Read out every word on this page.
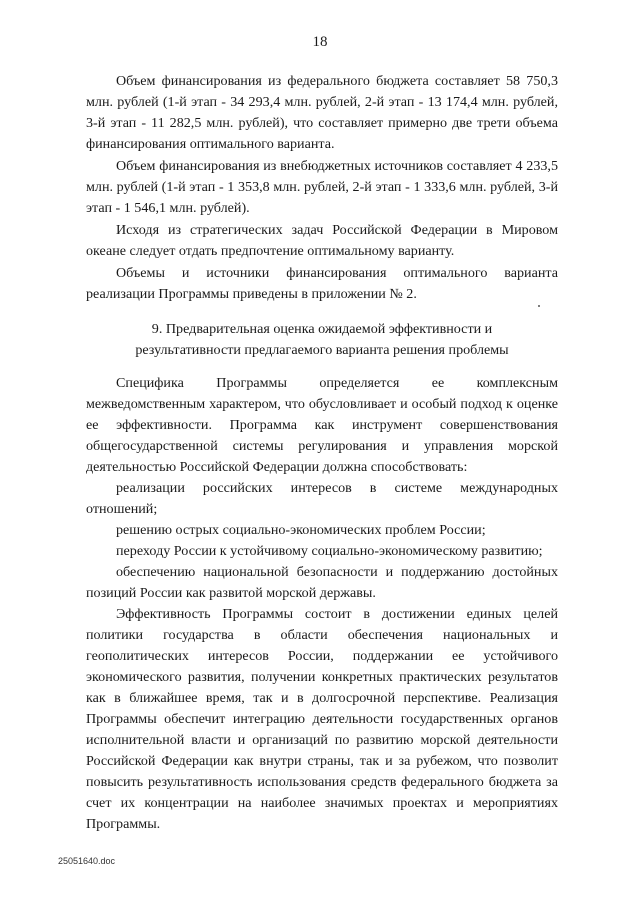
18

Объем финансирования из федерального бюджета составляет 58 750,3 млн. рублей (1-й этап - 34 293,4 млн. рублей, 2-й этап - 13 174,4 млн. рублей, 3-й этап - 11 282,5 млн. рублей), что составляет примерно две трети объема финансирования оптимального варианта.

Объем финансирования из внебюджетных источников составляет 4 233,5 млн. рублей (1-й этап - 1 353,8 млн. рублей, 2-й этап - 1 333,6 млн. рублей, 3-й этап - 1 546,1 млн. рублей).

Исходя из стратегических задач Российской Федерации в Мировом океане следует отдать предпочтение оптимальному варианту.

Объемы и источники финансирования оптимального варианта реализации Программы приведены в приложении № 2.

9. Предварительная оценка ожидаемой эффективности и
результативности предлагаемого варианта решения проблемы

Специфика Программы определяется ее комплексным межведомственным характером, что обусловливает и особый подход к оценке ее эффективности. Программа как инструмент совершенствования общегосударственной системы регулирования и управления морской деятельностью Российской Федерации должна способствовать:

реализации российских интересов в системе международных отношений;

решению острых социально-экономических проблем России;

переходу России к устойчивому социально-экономическому развитию;

обеспечению национальной безопасности и поддержанию достойных позиций России как развитой морской державы.

Эффективность Программы состоит в достижении единых целей политики государства в области обеспечения национальных и геополитических интересов России, поддержании ее устойчивого экономического развития, получении конкретных практических результатов как в ближайшее время, так и в долгосрочной перспективе. Реализация Программы обеспечит интеграцию деятельности государственных органов исполнительной власти и организаций по развитию морской деятельности Российской Федерации как внутри страны, так и за рубежом, что позволит повысить результативность использования средств федерального бюджета за счет их концентрации на наиболее значимых проектах и мероприятиях Программы.

25051640.doc
